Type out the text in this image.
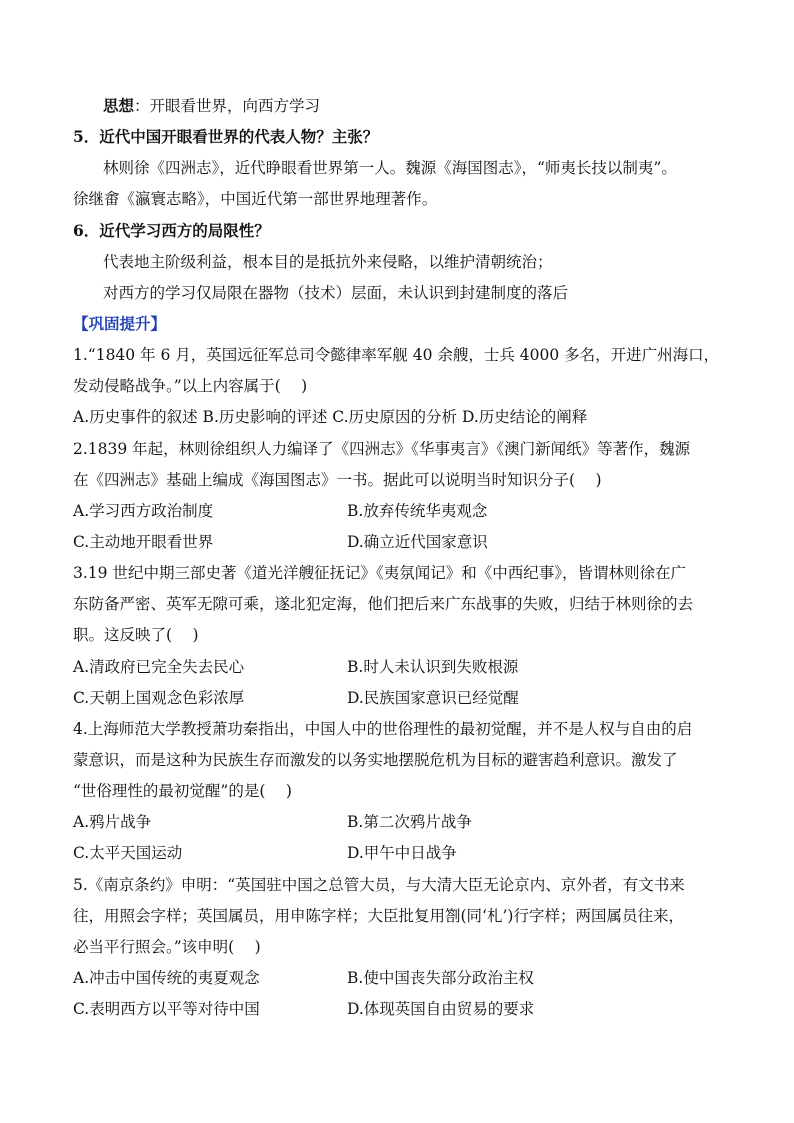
思想：开眼看世界，向西方学习
5．近代中国开眼看世界的代表人物？主张？
林则徐《四洲志》，近代睁眼看世界第一人。魏源《海国图志》，“师夷长技以制夷”。
徐继畬《瀛寰志略》，中国近代第一部世界地理著作。
6．近代学习西方的局限性？
代表地主阶级利益，根本目的是抵抗外来侵略，以维护清朝统治；
对西方的学习仅局限在器物（技术）层面，未认识到封建制度的落后
【巩固提升】
1.“1840 年 6 月，英国远征军总司令懿律率军舰 40 余艘，士兵 4000 多名，开进广州海口，
发动侵略战争。”以上内容属于(　 )
A.历史事件的叙述 B.历史影响的评述 C.历史原因的分析 D.历史结论的阐释
2.1839 年起，林则徐组织人力编译了《四洲志》《华事夷言》《澳门新闻纸》等著作，魏源
在《四洲志》基础上编成《海国图志》一书。据此可以说明当时知识分子(　 )
A.学习西方政治制度	B.放弃传统华夷观念
C.主动地开眼看世界	D.确立近代国家意识
3.19 世纪中期三部史著《道光洋艘征抚记》《夷氛闻记》和《中西纪事》，皆谓林则徐在广
东防备严密、英军无隙可乘，遂北犯定海，他们把后来广东战事的失败，归结于林则徐的去
职。这反映了(　 )
A.清政府已完全失去民心	B.时人未认识到失败根源
C.天朝上国观念色彩浓厚	D.民族国家意识已经觉醒
4.上海师范大学教授萧功秦指出，中国人中的世俗理性的最初觉醒，并不是人权与自由的启
蒙意识，而是这种为民族生存而激发的以务实地摆脱危机为目标的避害趋利意识。激发了
“世俗理性的最初觉醒”的是(　 )
A.鸦片战争	B.第二次鸦片战争
C.太平天国运动	D.甲午中日战争
5.《南京条约》申明：“英国驻中国之总管大员，与大清大臣无论京内、京外者，有文书来
往，用照会字样；英国属员，用申陈字样；大臣批复用劄(同‘札’)行字样；两国属员往来，
必当平行照会。”该申明(　 )
A.冲击中国传统的夷夏观念	B.使中国丧失部分政治主权
C.表明西方以平等对待中国	D.体现英国自由贸易的要求
